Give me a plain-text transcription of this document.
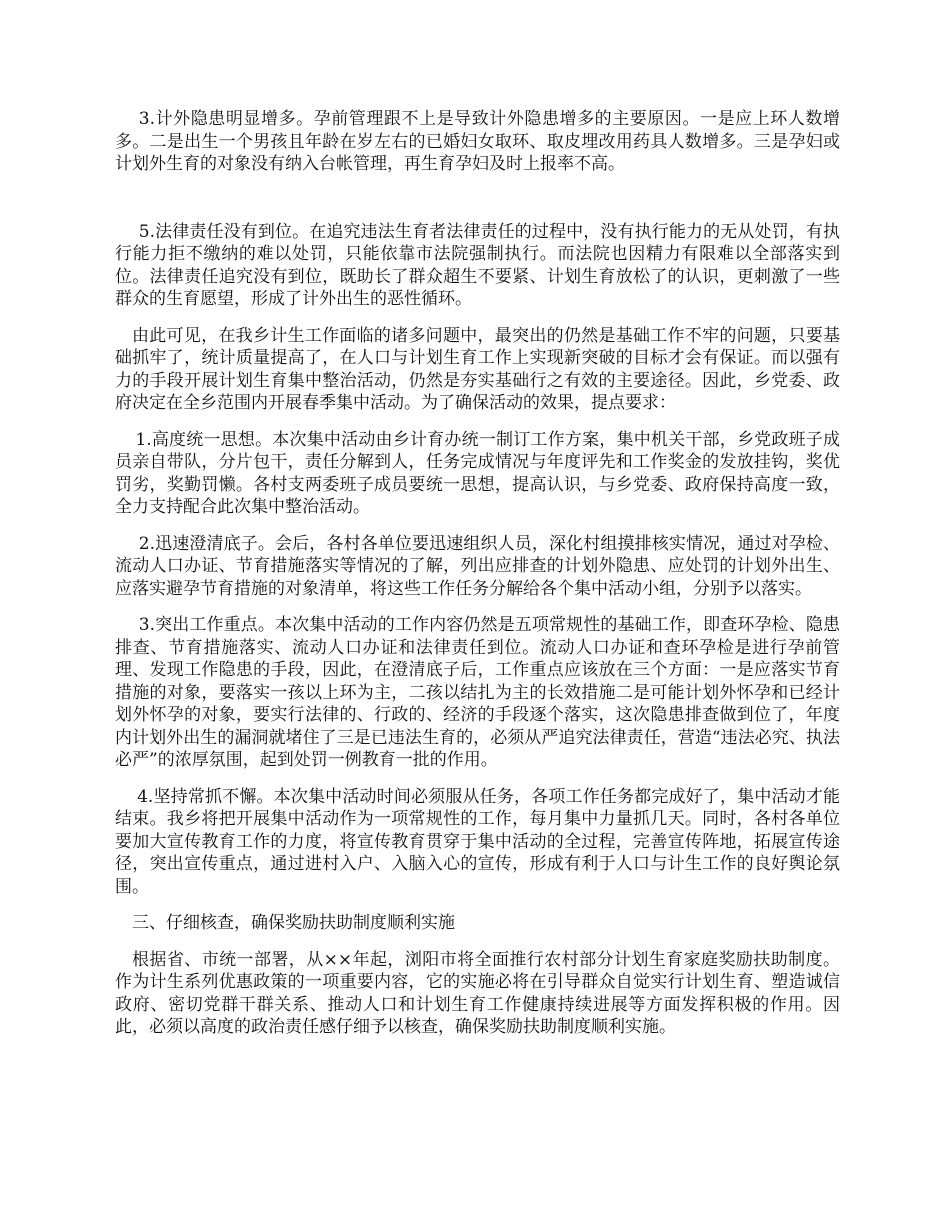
3.计外隐患明显增多。孕前管理跟不上是导致计外隐患增多的主要原因。一是应上环人数增多。二是出生一个男孩且年龄在岁左右的已婚妇女取环、取皮埋改用药具人数增多。三是孕妇或计划外生育的对象没有纳入台帐管理，再生育孕妇及时上报率不高。

5.法律责任没有到位。在追究违法生育者法律责任的过程中，没有执行能力的无从处罚，有执行能力拒不缴纳的难以处罚，只能依靠市法院强制执行。而法院也因精力有限难以全部落实到位。法律责任追究没有到位，既助长了群众超生不要紧、计划生育放松了的认识，更刺激了一些群众的生育愿望，形成了计外出生的恶性循环。

由此可见，在我乡计生工作面临的诸多问题中，最突出的仍然是基础工作不牢的问题，只要基础抓牢了，统计质量提高了，在人口与计划生育工作上实现新突破的目标才会有保证。而以强有力的手段开展计划生育集中整治活动，仍然是夯实基础行之有效的主要途径。因此，乡党委、政府决定在全乡范围内开展春季集中活动。为了确保活动的效果，提点要求：

1.高度统一思想。本次集中活动由乡计育办统一制订工作方案，集中机关干部，乡党政班子成员亲自带队，分片包干，责任分解到人，任务完成情况与年度评先和工作奖金的发放挂钩，奖优罚劣，奖勤罚懒。各村支两委班子成员要统一思想，提高认识，与乡党委、政府保持高度一致，全力支持配合此次集中整治活动。

2.迅速澄清底子。会后，各村各单位要迅速组织人员，深化村组摸排核实情况，通过对孕检、流动人口办证、节育措施落实等情况的了解，列出应排查的计划外隐患、应处罚的计划外出生、应落实避孕节育措施的对象清单，将这些工作任务分解给各个集中活动小组，分别予以落实。

3.突出工作重点。本次集中活动的工作内容仍然是五项常规性的基础工作，即查环孕检、隐患排查、节育措施落实、流动人口办证和法律责任到位。流动人口办证和查环孕检是进行孕前管理、发现工作隐患的手段，因此，在澄清底子后，工作重点应该放在三个方面：一是应落实节育措施的对象，要落实一孩以上环为主，二孩以结扎为主的长效措施二是可能计划外怀孕和已经计划外怀孕的对象，要实行法律的、行政的、经济的手段逐个落实，这次隐患排查做到位了，年度内计划外出生的漏洞就堵住了三是已违法生育的，必须从严追究法律责任，营造“违法必究、执法必严”的浓厚氛围，起到处罚一例教育一批的作用。

4.坚持常抓不懈。本次集中活动时间必须服从任务，各项工作任务都完成好了，集中活动才能结束。我乡将把开展集中活动作为一项常规性的工作，每月集中力量抓几天。同时，各村各单位要加大宣传教育工作的力度，将宣传教育贯穿于集中活动的全过程，完善宣传阵地，拓展宣传途径，突出宣传重点，通过进村入户、入脑入心的宣传，形成有利于人口与计生工作的良好舆论氛围。

三、仔细核查，确保奖励扶助制度顺利实施

根据省、市统一部署，从××年起，浏阳市将全面推行农村部分计划生育家庭奖励扶助制度。作为计生系列优惠政策的一项重要内容，它的实施必将在引导群众自觉实行计划生育、塑造诚信政府、密切党群干群关系、推动人口和计划生育工作健康持续进展等方面发挥积极的作用。因此，必须以高度的政治责任感仔细予以核查，确保奖励扶助制度顺利实施。
